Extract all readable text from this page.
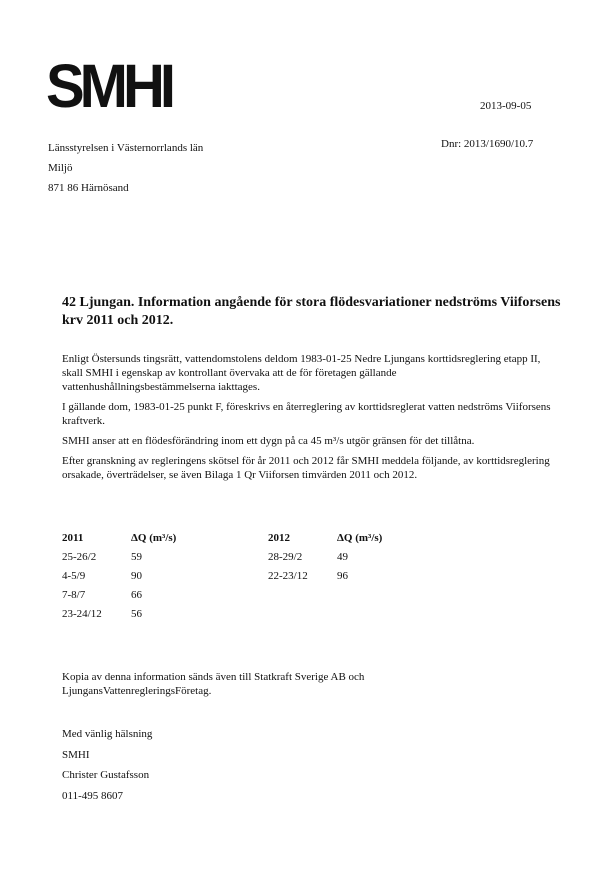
SMHI	2013-09-05
Länsstyrelsen i Västernorrlands län
Miljö
871 86 Härnösand
Dnr: 2013/1690/10.7
42 Ljungan. Information angående för stora flödesvariationer nedströms Viiforsens krv 2011 och 2012.

Enligt Östersunds tingsrätt, vattendomstolens deldom 1983-01-25 Nedre Ljungans korttidsreglering etapp II, skall SMHI i egenskap av kontrollant övervaka att de för företagen gällande vattenhushållningsbestämmelserna iakttages.

I gällande dom, 1983-01-25 punkt F, föreskrivs en återreglering av korttidsreglerat vatten nedströms Viiforsens kraftverk.

SMHI anser att en flödesförändring inom ett dygn på ca 45 m³/s utgör gränsen för det tillåtna.

Efter granskning av regleringens skötsel för år 2011 och 2012 får SMHI meddela följande, av korttidsreglering orsakade, överträdelser, se även Bilaga 1 Qr Viiforsen timvärden 2011 och 2012.

2011	ΔQ (m³/s)
25-26/2	59
4-5/9	90
7-8/7	66
23-24/12	56
2012	ΔQ (m³/s)
28-29/2	49
22-23/12	96
Kopia av denna information sänds även till Statkraft Sverige AB och LjungansVattenregleringsFöretag.
Med vänlig hälsning
SMHI
Christer Gustafsson
011-495 8607
